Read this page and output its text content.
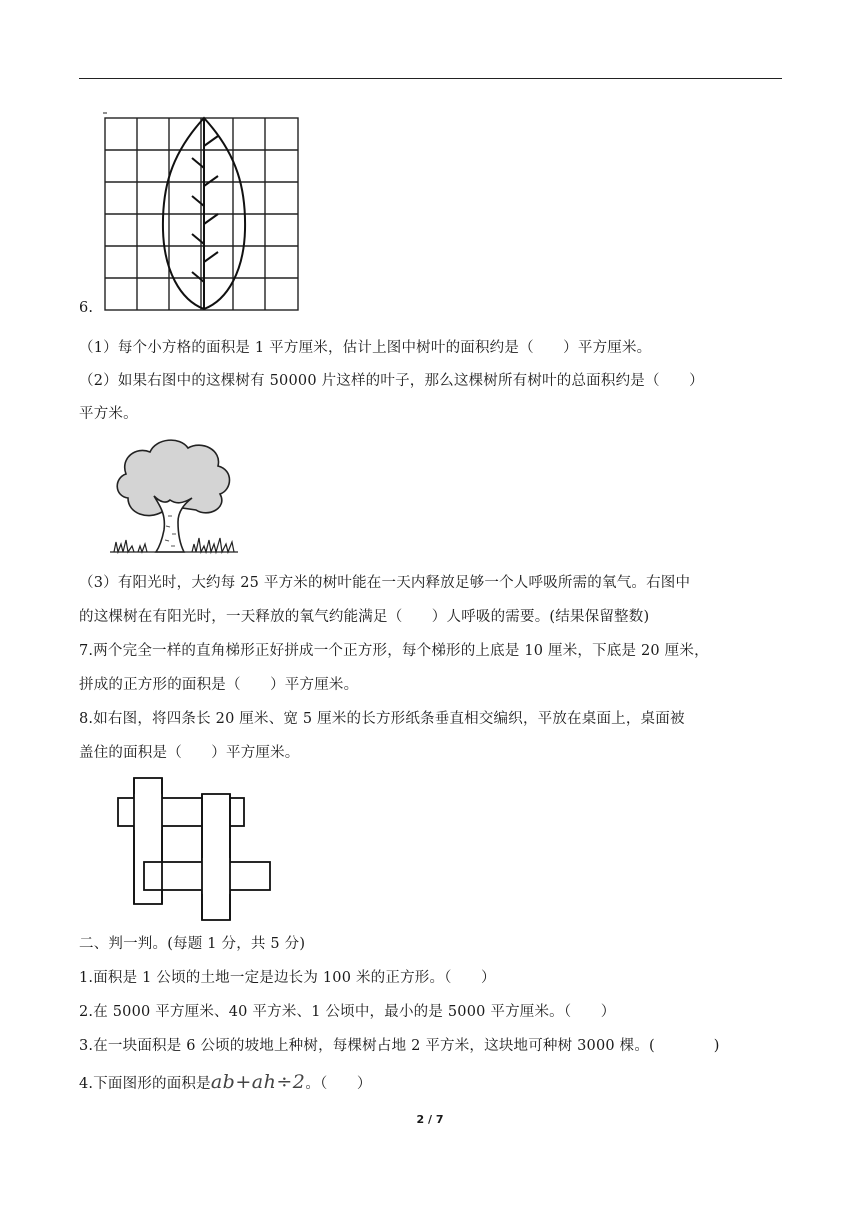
6.
（1）每个小方格的面积是 1 平方厘米，估计上图中树叶的面积约是（　　）平方厘米。
（2）如果右图中的这棵树有 50000 片这样的叶子，那么这棵树所有树叶的总面积约是（　　）
平方米。
（3）有阳光时，大约每 25 平方米的树叶能在一天内释放足够一个人呼吸所需的氧气。右图中
的这棵树在有阳光时，一天释放的氧气约能满足（　　）人呼吸的需要。(结果保留整数)
7.两个完全一样的直角梯形正好拼成一个正方形，每个梯形的上底是 10 厘米，下底是 20 厘米，
拼成的正方形的面积是（　　）平方厘米。
8.如右图，将四条长 20 厘米、宽 5 厘米的长方形纸条垂直相交编织，平放在桌面上，桌面被
盖住的面积是（　　）平方厘米。
二、判一判。(每题 1 分，共 5 分)
1.面积是 1 公顷的土地一定是边长为 100 米的正方形。（　　）
2.在 5000 平方厘米、40 平方米、1 公顷中，最小的是 5000 平方厘米。（　　）
3.在一块面积是 6 公顷的坡地上种树，每棵树占地 2 平方米，这块地可种树 3000 棵。(　　　　)
4.下面图形的面积是ab+ah÷2。（　　）
2 / 7
